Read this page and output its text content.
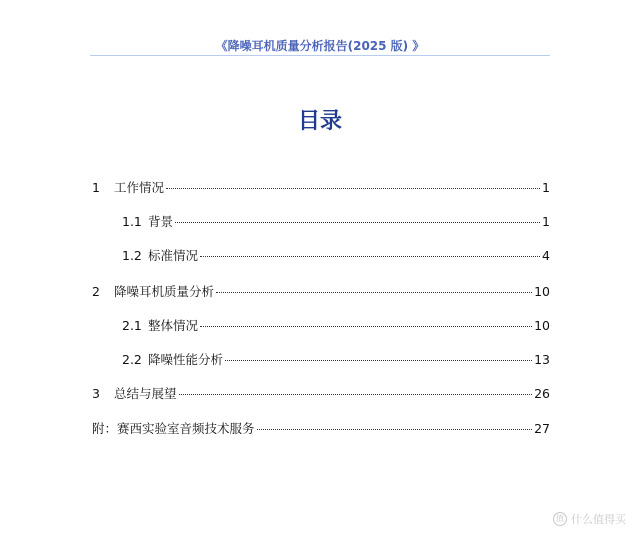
《降噪耳机质量分析报告(2025 版) 》
目录
1	工作情况	1
1.1 背景	1
1.2 标准情况	4
2	降噪耳机质量分析	10
2.1 整体情况	10
2.2 降噪性能分析	13
3	总结与展望	26
附： 赛西实验室音频技术服务	27
值 什么值得买
